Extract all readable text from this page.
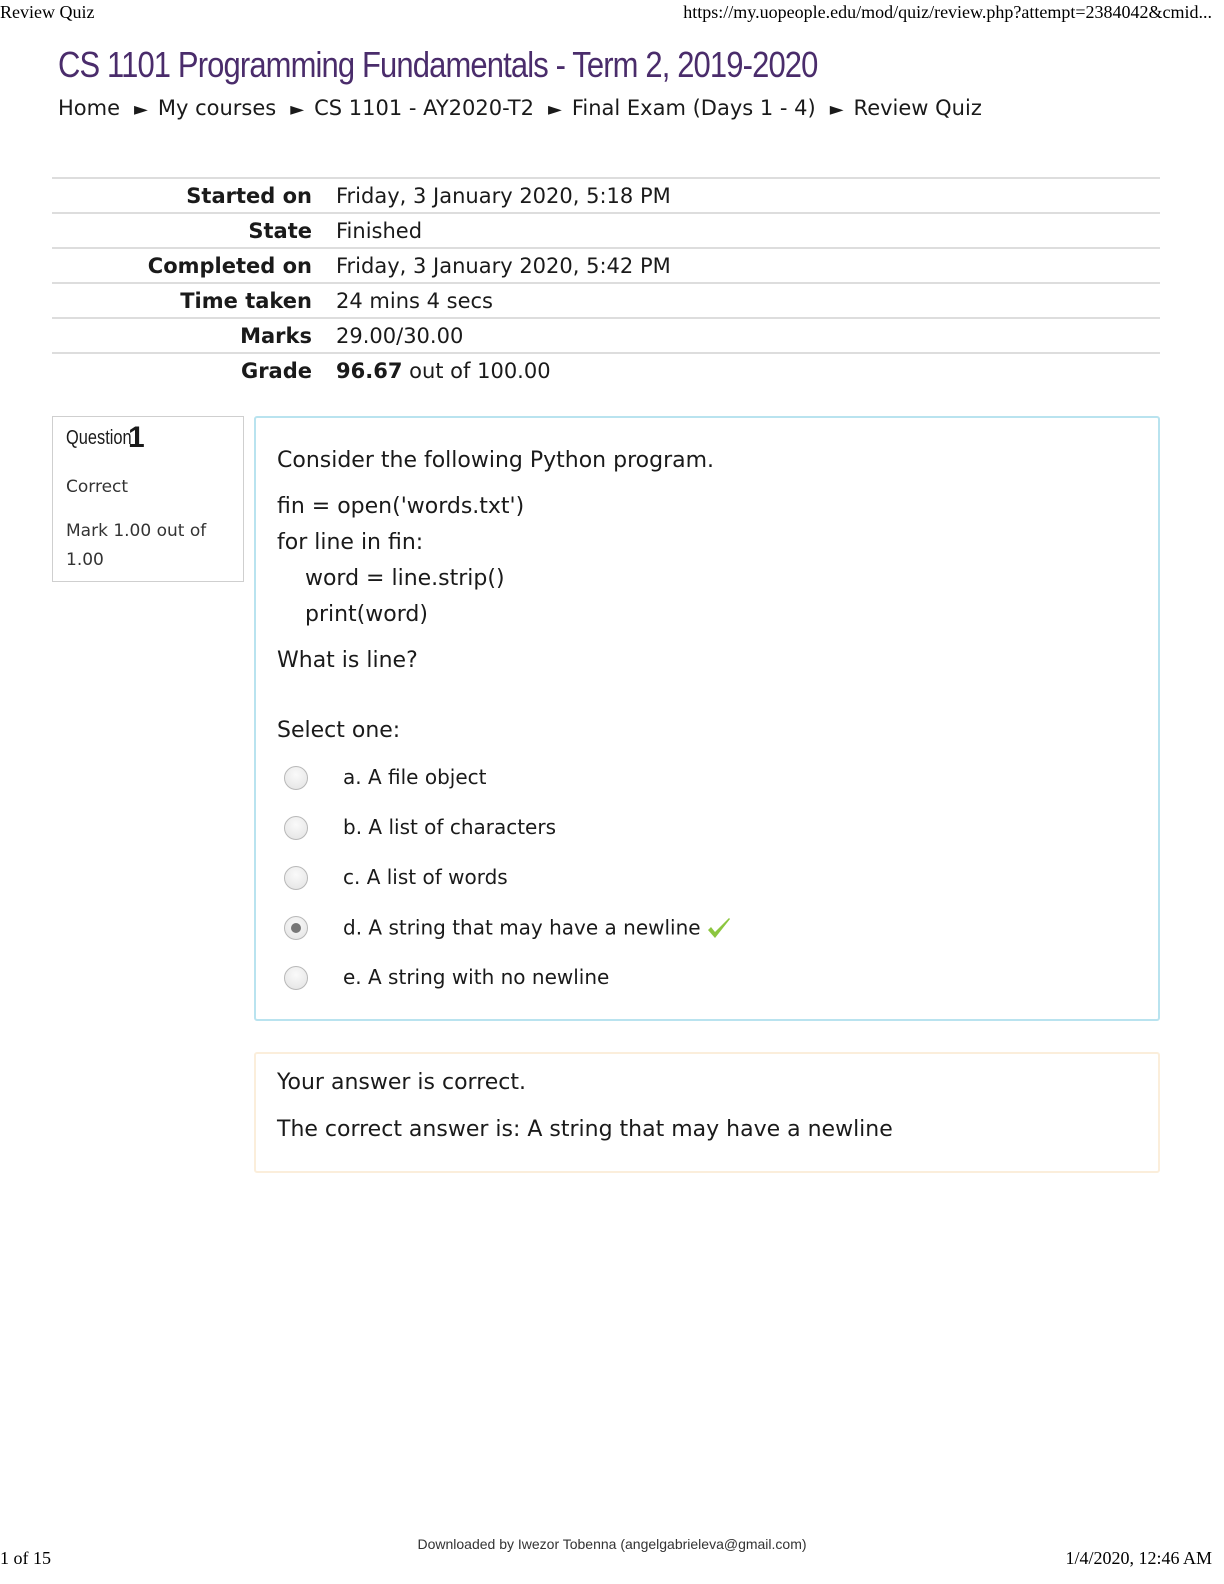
Review Quiz	https://my.uopeople.edu/mod/quiz/review.php?attempt=2384042&cmid...
CS 1101 Programming Fundamentals - Term 2, 2019-2020
Home ► My courses ► CS 1101 - AY2020-T2 ► Final Exam (Days 1 - 4) ► Review Quiz
Started on	Friday, 3 January 2020, 5:18 PM
State	Finished
Completed on	Friday, 3 January 2020, 5:42 PM
Time taken	24 mins 4 secs
Marks	29.00/30.00
Grade	96.67 out of 100.00
Question
1
Correct
Mark 1.00 out of 1.00
Consider the following Python program.
fin = open('words.txt')
for line in fin:
word = line.strip()
print(word)
What is line?
Select one:
a. A file object
b. A list of characters
c. A list of words
d. A string that may have a newline
e. A string with no newline
Your answer is correct.
The correct answer is: A string that may have a newline
1 of 15
Downloaded by Iwezor Tobenna (angelgabrieleva@gmail.com)
1/4/2020, 12:46 AM
